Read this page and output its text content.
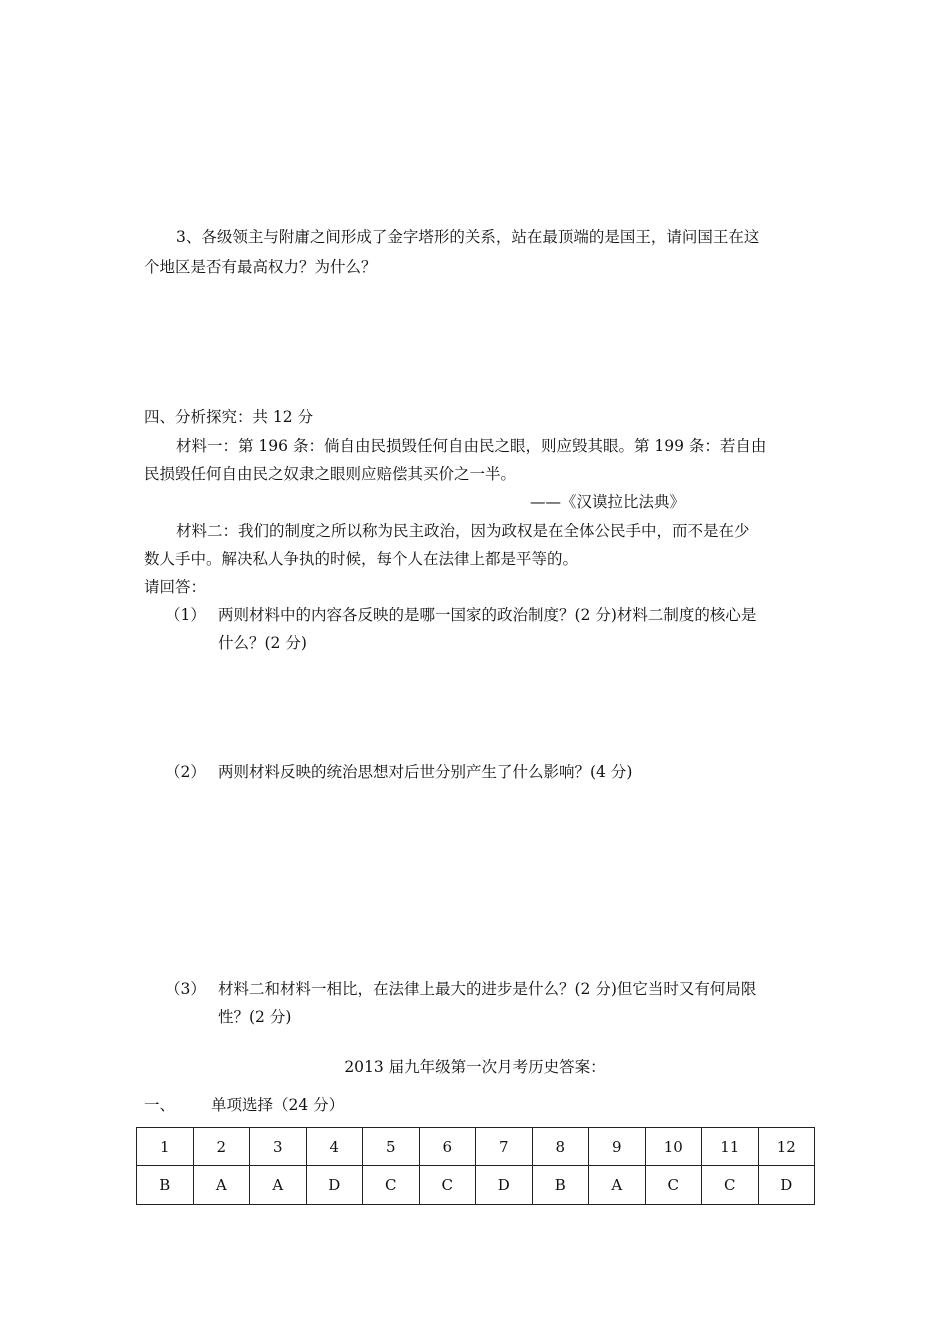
3、各级领主与附庸之间形成了金字塔形的关系，站在最顶端的是国王，请问国王在这
个地区是否有最高权力？为什么？
四、分析探究：共 12 分
材料一：第 196 条：倘自由民损毁任何自由民之眼，则应毁其眼。第 199 条：若自由
民损毁任何自由民之奴隶之眼则应赔偿其买价之一半。
——《汉谟拉比法典》
材料二：我们的制度之所以称为民主政治，因为政权是在全体公民手中，而不是在少
数人手中。解决私人争执的时候，每个人在法律上都是平等的。
请回答：
（1） 两则材料中的内容各反映的是哪一国家的政治制度？(2 分)材料二制度的核心是
什么？(2 分)
（2） 两则材料反映的统治思想对后世分别产生了什么影响？(4 分)
（3） 材料二和材料一相比，在法律上最大的进步是什么？(2 分)但它当时又有何局限
性？(2 分)
2013 届九年级第一次月考历史答案：
一、 单项选择（24 分）
1	2	3	4	5	6	7	8	9	10	11	12
B	A	A	D	C	C	D	B	A	C	C	D
